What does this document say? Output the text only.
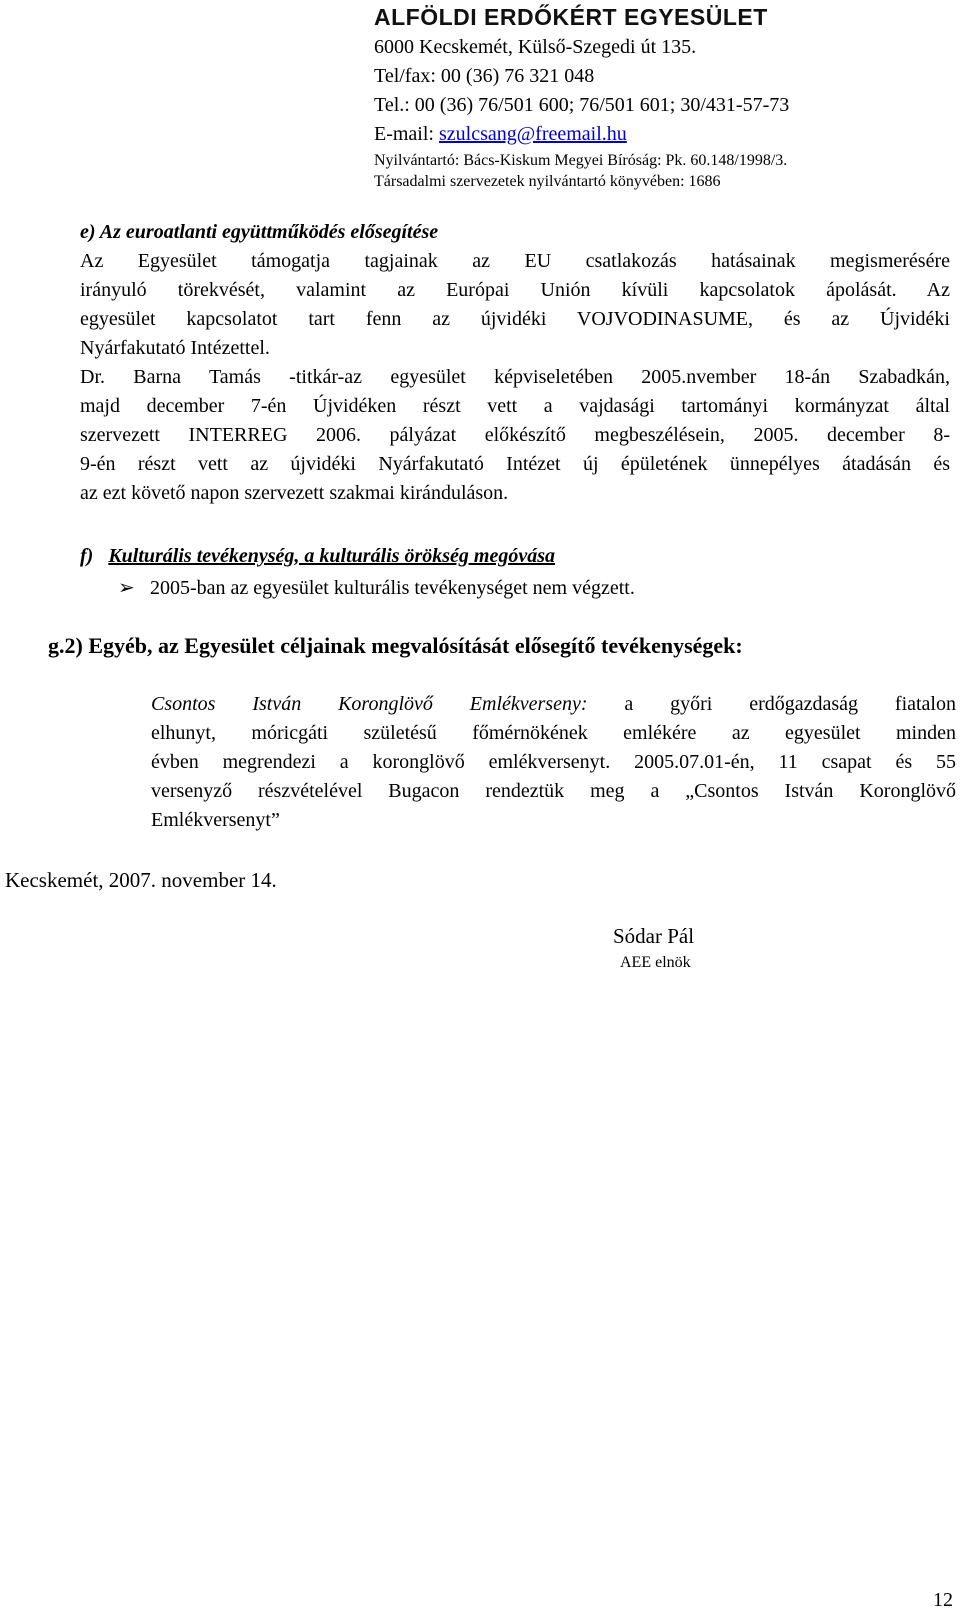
ALFÖLDI ERDŐKÉRT EGYESÜLET
6000 Kecskemét, Külső-Szegedi út 135.
Tel/fax: 00 (36) 76 321 048
Tel.: 00 (36) 76/501 600; 76/501 601; 30/431-57-73
E-mail: szulcsang@freemail.hu
Nyilvántartó: Bács-Kiskum Megyei Bíróság: Pk. 60.148/1998/3.
Társadalmi szervezetek nyilvántartó könyvében: 1686
e) Az euroatlanti együttműködés elősegítése
Az Egyesület támogatja tagjainak az EU csatlakozás hatásainak megismerésére
irányuló törekvését, valamint az Európai Unión kívüli kapcsolatok ápolását. Az
egyesület kapcsolatot tart fenn az újvidéki VOJVODINASUME, és az Újvidéki
Nyárfakutató Intézettel.
Dr. Barna Tamás -titkár-az egyesület képviseletében 2005.nvember 18-án Szabadkán,
majd december 7-én Újvidéken részt vett a vajdasági tartományi kormányzat által
szervezett INTERREG 2006. pályázat előkészítő megbeszélésein, 2005. december 8-
9-én részt vett az újvidéki Nyárfakutató Intézet új épületének ünnepélyes átadásán és
az ezt követő napon szervezett szakmai kiránduláson.
f) Kulturális tevékenység, a kulturális örökség megóvása
➢ 2005-ban az egyesület kulturális tevékenységet nem végzett.
g.2) Egyéb, az Egyesület céljainak megvalósítását elősegítő tevékenységek:
Csontos István Koronglövő Emlékverseny: a győri erdőgazdaság fiatalon
elhunyt, móricgáti születésű főmérnökének emlékére az egyesület minden
évben megrendezi a koronglövő emlékversenyt. 2005.07.01-én, 11 csapat és 55
versenyző részvételével Bugacon rendeztük meg a „Csontos István Koronglövő
Emlékversenyt”
Kecskemét, 2007. november 14.
Sódar Pál
AEE elnök
12
